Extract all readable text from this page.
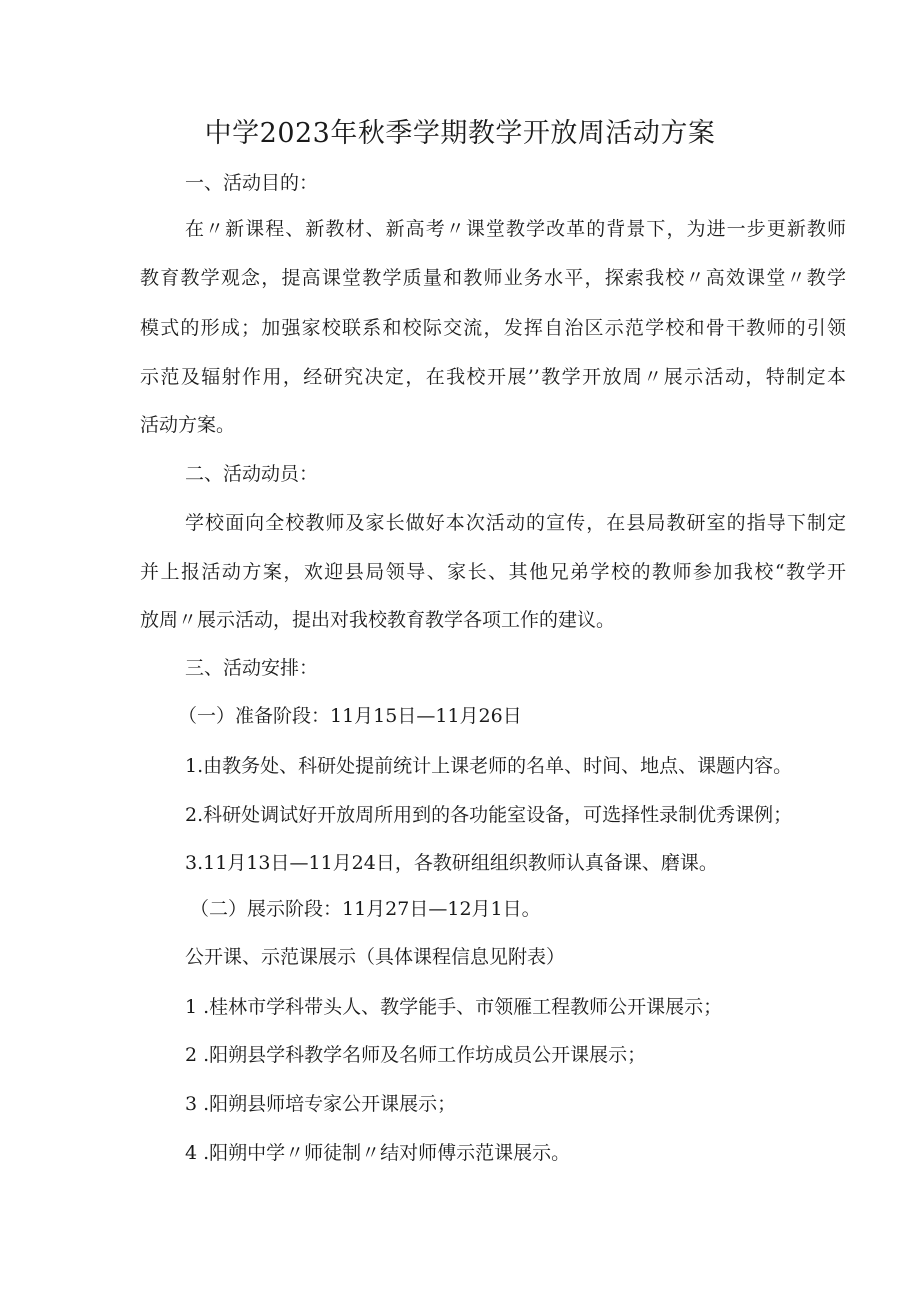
中学2023年秋季学期教学开放周活动方案

一、活动目的：

在〃新课程、新教材、新高考〃课堂教学改革的背景下，为进一步更新教师

教育教学观念，提高课堂教学质量和教师业务水平，探索我校〃高效课堂〃教学

模式的形成；加强家校联系和校际交流，发挥自治区示范学校和骨干教师的引领

示范及辐射作用，经研究决定，在我校开展’’教学开放周〃展示活动，特制定本

活动方案。

二、活动动员：

学校面向全校教师及家长做好本次活动的宣传，在县局教研室的指导下制定

并上报活动方案，欢迎县局领导、家长、其他兄弟学校的教师参加我校“教学开

放周〃展示活动，提出对我校教育教学各项工作的建议。

三、活动安排：

（一）准备阶段：11月15日—11月26日

1.由教务处、科研处提前统计上课老师的名单、时间、地点、课题内容。

2.科研处调试好开放周所用到的各功能室设备，可选择性录制优秀课例；

3.11月13日—11月24日，各教研组组织教师认真备课、磨课。

（二）展示阶段：11月27日—12月1日。

公开课、示范课展示（具体课程信息见附表）

1 .桂林市学科带头人、教学能手、市领雁工程教师公开课展示；

2 .阳朔县学科教学名师及名师工作坊成员公开课展示；

3 .阳朔县师培专家公开课展示；

4 .阳朔中学〃师徒制〃结对师傅示范课展示。
